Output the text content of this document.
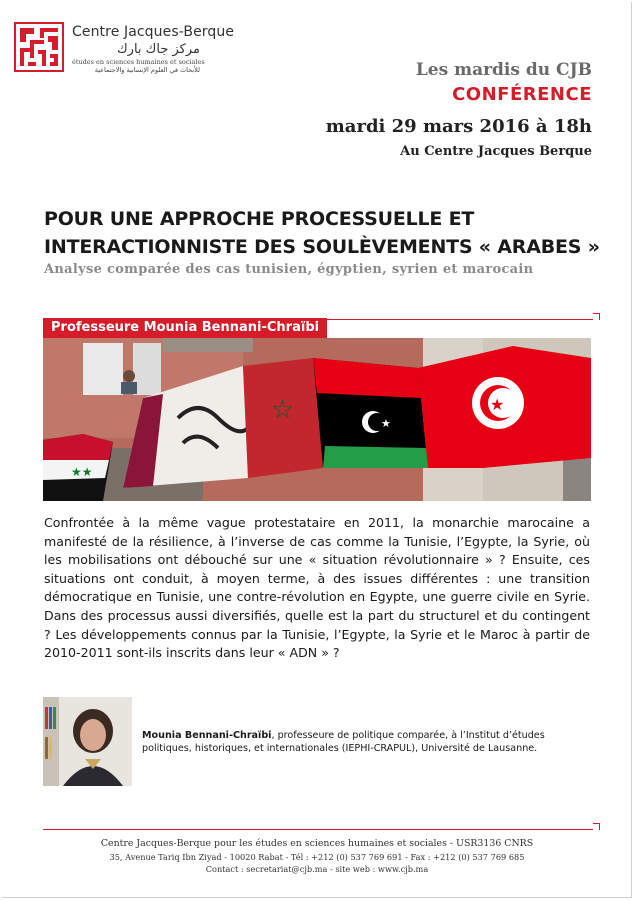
Centre Jacques-Berque
مركز جاك بارك
études en sciences humaines et sociales
للأبحاث في العلوم الإنسانية والاجتماعية	Les mardis du CJB
CONFÉRENCE
mardi 29 mars 2016 à 18h
Au Centre Jacques Berque
POUR UNE APPROCHE PROCESSUELLE ET
INTERACTIONNISTE DES SOULÈVEMENTS « ARABES »
Analyse comparée des cas tunisien, égyptien, syrien et marocain
Professeure Mounia Bennani-Chraïbi
★★
☆	★
★
Confrontée à la même vague protestataire en 2011, la monarchie marocaine a manifesté de la résilience, à l’inverse de cas comme la Tunisie, l’Egypte, la Syrie, où les mobilisations ont débouché sur une « situation révolutionnaire » ? Ensuite, ces situations ont conduit, à moyen terme, à des issues différentes : une transition démocratique en Tunisie, une contre-révolution en Egypte, une guerre civile en Syrie. Dans des processus aussi diversifiés, quelle est la part du structurel et du contingent ? Les développements connus par la Tunisie, l’Egypte, la Syrie et le Maroc à partir de 2010-2011 sont-ils inscrits dans leur « ADN » ?
Mounia Bennani-Chraïbi, professeure de politique comparée, à l’Institut d’études politiques, historiques, et internationales (IEPHI-CRAPUL), Université de Lausanne.
Centre Jacques-Berque pour les études en sciences humaines et sociales - USR3136 CNRS
35, Avenue Tariq Ibn Ziyad - 10020 Rabat - Tél : +212 (0) 537 769 691 - Fax : +212 (0) 537 769 685
Contact : secretariat@cjb.ma - site web : www.cjb.ma
